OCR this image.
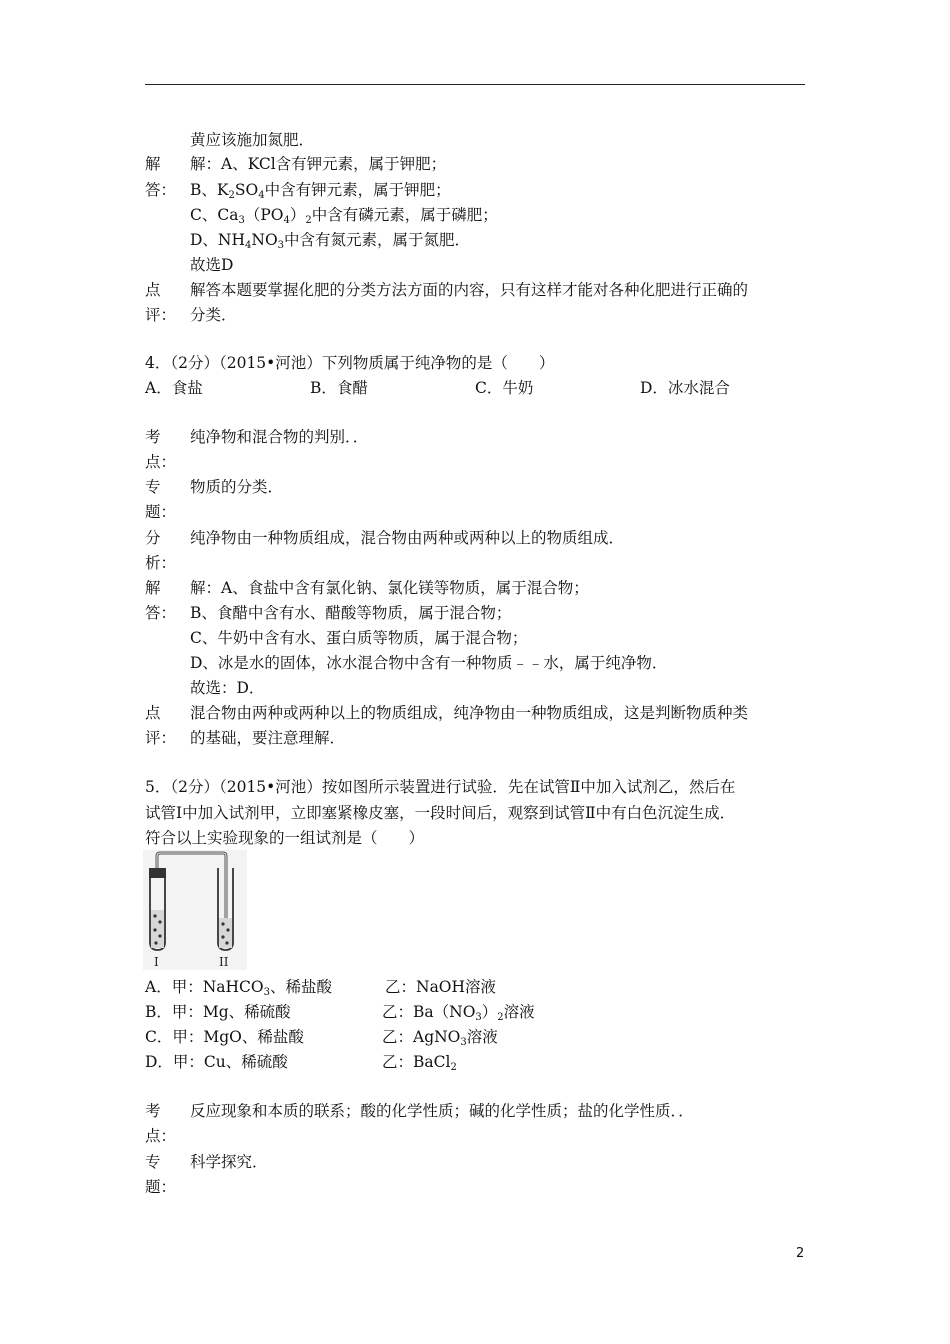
黄应该施加氮肥．
解
答：
解：A、KCl含有钾元素，属于钾肥；
B、$K_2SO_4$中含有钾元素，属于钾肥；
C、$Ca_3(PO_4)_2$中含有磷元素，属于磷肥；
D、$NH_4NO_3$中含有氮元素，属于氮肥．
故选D
点
评：
解答本题要掌握化肥的分类方法方面的内容，只有这样才能对各种化肥进行正确的
分类．
4．（2分）（2015•河池）下列物质属于纯净物的是（　　）
A．食盐	B．食醋	C．牛奶	D．冰水混合
考
点：
纯净物和混合物的判别．．
专
题：
物质的分类．
分
析：
纯净物由一种物质组成，混合物由两种或两种以上的物质组成．
解
答：
解：A、食盐中含有氯化钠、氯化镁等物质，属于混合物；
B、食醋中含有水、醋酸等物质，属于混合物；
C、牛奶中含有水、蛋白质等物质，属于混合物；
D、冰是水的固体，冰水混合物中含有一种物质﹣﹣水，属于纯净物．
故选：D．
点
评：
混合物由两种或两种以上的物质组成，纯净物由一种物质组成，这是判断物质种类
的基础，要注意理解．
5．（2分）（2015•河池）按如图所示装置进行试验．先在试管Ⅱ中加入试剂乙，然后在
试管Ⅰ中加入试剂甲，立即塞紧橡皮塞，一段时间后，观察到试管Ⅱ中有白色沉淀生成．
符合以上实验现象的一组试剂是（　　）
I	II
A．甲：NaHCO$_3$、稀盐酸	乙：NaOH溶液
B．甲：Mg、稀硫酸	乙：$Ba(NO_3)_2$溶液
C．甲：MgO、稀盐酸	乙：AgNO$_3$溶液
D．甲：Cu、稀硫酸	乙：BaCl$_2$
考
点：
反应现象和本质的联系；酸的化学性质；碱的化学性质；盐的化学性质．．
专
题：
科学探究．
2
